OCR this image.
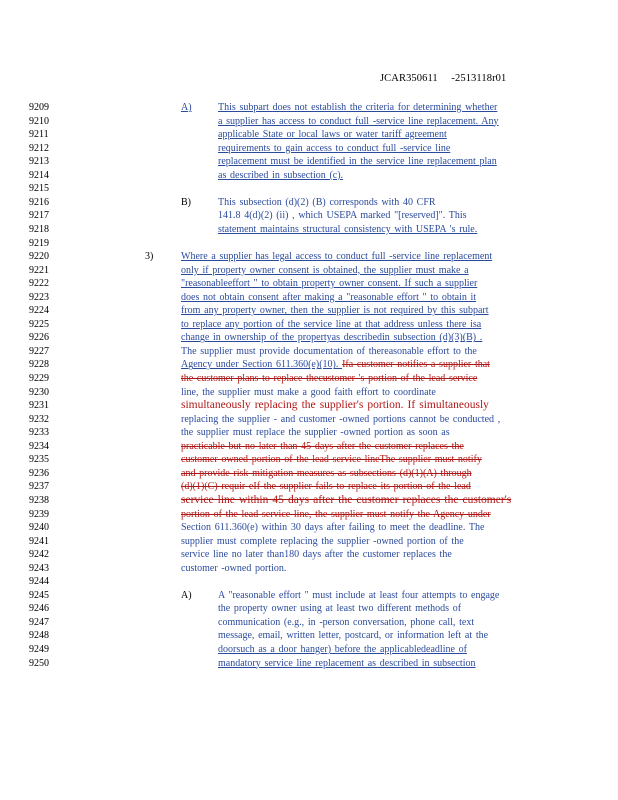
JCAR350611     -2513118r01
9209	A)	This subpart does not establish the criteria for determining whether
9210	a supplier has access to conduct full -service line replacement. Any
9211	applicable State or local laws or water tariff agreement
9212	requirements to gain access to conduct full -service line
9213	replacement must be identified in the service line replacement plan
9214	as described in subsection (c).
9215
9216	B)	This subsection (d)(2) (B) corresponds with 40 CFR
9217	141.8 4(d)(2) (ii) , which USEPA marked "[reserved]". This
9218	statement maintains structural consistency with USEPA 's rule.
9219
9220	3)	Where a supplier has legal access to conduct full -service line replacement
9221	only if property owner consent is obtained, the supplier must make a
9222	"reasonableeffort " to obtain property owner consent. If such a supplier
9223	does not obtain consent after making a "reasonable effort " to obtain it
9224	from any property owner, then the supplier is not required by this subpart
9225	to replace any portion of the service line at that address unless there isa
9226	change in ownership of the propertyas describedin subsection (d)(3)(B) .
9227	The supplier must provide documentation of thereasonable effort to the
9228	Agency under Section 611.360(e)(10). Ifa customer notifies a supplier that
9229	the customer plans to replace thecustomer 's portion of the lead service
9230	line, the supplier must make a good faith effort to coordinate
9231	simultaneously replacing the supplier's portion. If simultaneously
9232	replacing the supplier - and customer -owned portions cannot be conducted ,
9233	the supplier must replace the supplier -owned portion as soon as
9234	practicable but no later than 45 days after the customer replaces the
9235	customer owned portion of the lead service lineThe supplier must notify
9236	and provide risk mitigation measures as subsections (d)(1)(A) through
9237	(d)(1)(C) requir eIf the supplier fails to replace its portion of the lead
9238	service line within 45 days after the customer replaces the customer's
9239	portion of the lead service line, the supplier must notify the Agency under
9240	Section 611.360(e) within 30 days after failing to meet the deadline. The
9241	supplier must complete replacing the supplier -owned portion of the
9242	service line no later than180 days after the customer replaces the
9243	customer -owned portion.
9244
9245	A)	A "reasonable effort " must include at least four attempts to engage
9246	the property owner using at least two different methods of
9247	communication (e.g., in -person conversation, phone call, text
9248	message, email, written letter, postcard, or information left at the
9249	doorsuch as a door hanger) before the applicabledeadline of
9250	mandatory service line replacement as described in subsection
